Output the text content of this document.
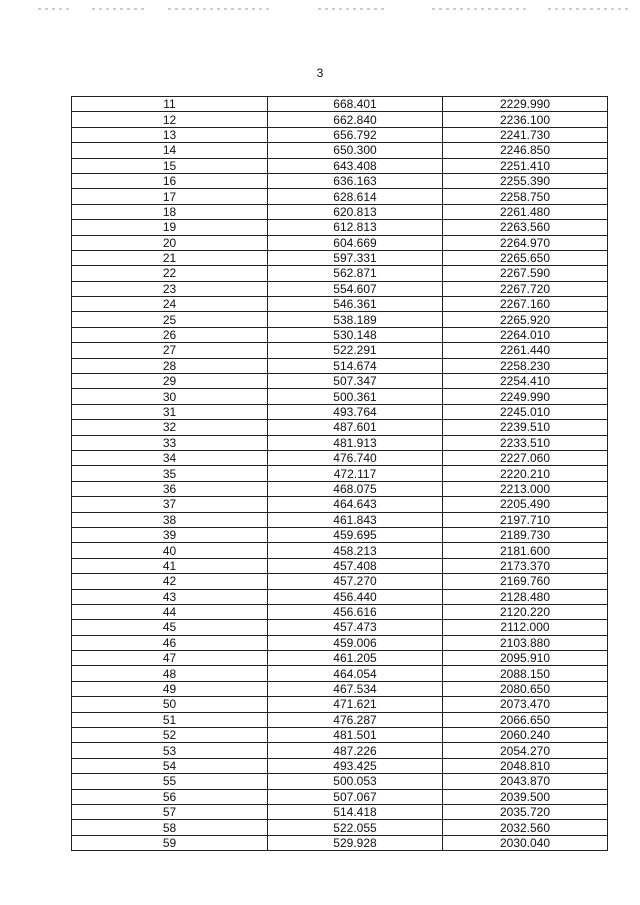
3
11	668.401	2229.990
12	662.840	2236.100
13	656.792	2241.730
14	650.300	2246.850
15	643.408	2251.410
16	636.163	2255.390
17	628.614	2258.750
18	620.813	2261.480
19	612.813	2263.560
20	604.669	2264.970
21	597.331	2265.650
22	562.871	2267.590
23	554.607	2267.720
24	546.361	2267.160
25	538.189	2265.920
26	530.148	2264.010
27	522.291	2261.440
28	514.674	2258.230
29	507.347	2254.410
30	500.361	2249.990
31	493.764	2245.010
32	487.601	2239.510
33	481.913	2233.510
34	476.740	2227.060
35	472.117	2220.210
36	468.075	2213.000
37	464.643	2205.490
38	461.843	2197.710
39	459.695	2189.730
40	458.213	2181.600
41	457.408	2173.370
42	457.270	2169.760
43	456.440	2128.480
44	456.616	2120.220
45	457.473	2112.000
46	459.006	2103.880
47	461.205	2095.910
48	464.054	2088.150
49	467.534	2080.650
50	471.621	2073.470
51	476.287	2066.650
52	481.501	2060.240
53	487.226	2054.270
54	493.425	2048.810
55	500.053	2043.870
56	507.067	2039.500
57	514.418	2035.720
58	522.055	2032.560
59	529.928	2030.040
